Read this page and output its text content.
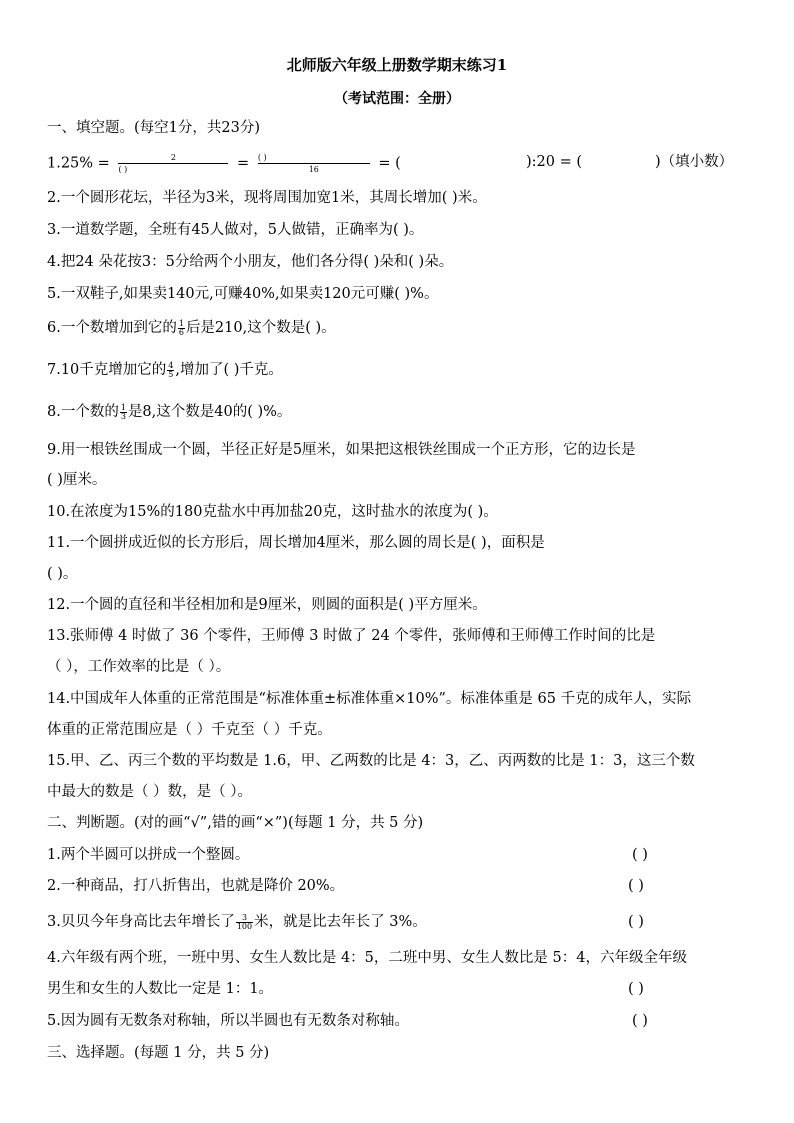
北师版六年级上册数学期末练习1
（考试范围：全册）
一、填空题。(每空1分，共23分)
$1.25\% = \frac{2}{( )} = \frac{( )}{16}$ = (	):20 = (	)（填小数）
2.一个圆形花坛，半径为3米，现将周围加宽1米，其周长增加( )米。
3.一道数学题，全班有45人做对，5人做错，正确率为( )。
4.把24 朵花按3：5分给两个小朋友，他们各分得( )朵和( )朵。
5.一双鞋子,如果卖140元,可赚40%,如果卖120元可赚( )%。
6.一个数增加到它的 $\frac{1}{6}$ 后是210,这个数是( )。
7.10千克增加它的 $\frac{4}{5}$ ,增加了( )千克。
8.一个数的 $\frac{1}{3}$ 是8,这个数是40的( )%。
9.用一根铁丝围成一个圆，半径正好是5厘米，如果把这根铁丝围成一个正方形，它的边长是
( )厘米。
10.在浓度为15%的180克盐水中再加盐20克，这时盐水的浓度为( )。
11.一个圆拼成近似的长方形后，周长增加4厘米，那么圆的周长是( )，面积是
( )。
12.一个圆的直径和半径相加和是9厘米，则圆的面积是( )平方厘米。
13.张师傅 4 时做了 36 个零件，王师傅 3 时做了 24 个零件，张师傅和王师傅工作时间的比是
（ ），工作效率的比是（ ）。
14.中国成年人体重的正常范围是“标准体重±标准体重×10%”。标准体重是 65 千克的成年人，实际
体重的正常范围应是（ ）千克至（ ）千克。
15.甲、乙、丙三个数的平均数是 1.6，甲、乙两数的比是 4：3，乙、丙两数的比是 1：3，这三个数
中最大的数是（ ）数，是（ ）。
二、判断题。(对的画“√”,错的画“×”)(每题 1 分，共 5 分)
1.两个半圆可以拼成一个整圆。	( )
2.一种商品，打八折售出，也就是降价 20%。	( )
3.贝贝今年身高比去年增长了 $\frac{3}{100}$ 米，就是比去年长了 3%。	( )
4.六年级有两个班，一班中男、女生人数比是 4：5，二班中男、女生人数比是 5：4，六年级全年级
男生和女生的人数比一定是 1：1。	( )
5.因为圆有无数条对称轴，所以半圆也有无数条对称轴。	( )
三、选择题。(每题 1 分，共 5 分)
